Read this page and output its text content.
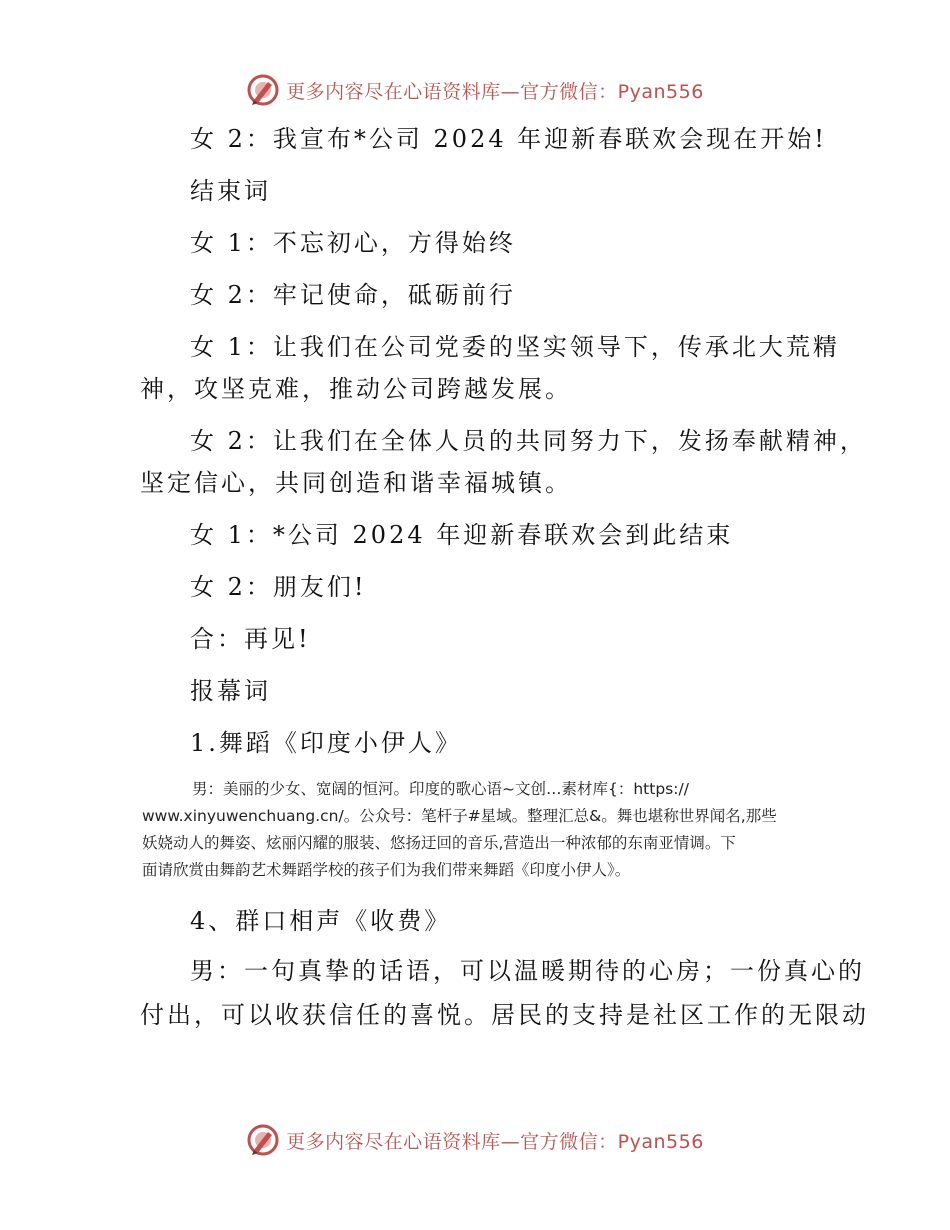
更多内容尽在心语资料库—官方微信：Pyan556
女 2：我宣布*公司 2024 年迎新春联欢会现在开始!
结束词
女 1：不忘初心，方得始终
女 2：牢记使命，砥砺前行
女 1：让我们在公司党委的坚实领导下，传承北大荒精
神，攻坚克难，推动公司跨越发展。
女 2：让我们在全体人员的共同努力下，发扬奉献精神，
坚定信心，共同创造和谐幸福城镇。
女 1：*公司 2024 年迎新春联欢会到此结束
女 2：朋友们!
合：再见!
报幕词
1.舞蹈《印度小伊人》
男：美丽的少女、宽阔的恒河。印度的歌心语~文创…素材库{：https://
www.xinyuwenchuang.cn/。公众号：笔杆子#星域。整理汇总&。舞也堪称世界闻名,那些
妖娆动人的舞姿、炫丽闪耀的服装、悠扬迂回的音乐,营造出一种浓郁的东南亚情调。下
面请欣赏由舞韵艺术舞蹈学校的孩子们为我们带来舞蹈《印度小伊人》。
4、群口相声《收费》
男：一句真挚的话语，可以温暖期待的心房；一份真心的
付出，可以收获信任的喜悦。居民的支持是社区工作的无限动
更多内容尽在心语资料库—官方微信：Pyan556
